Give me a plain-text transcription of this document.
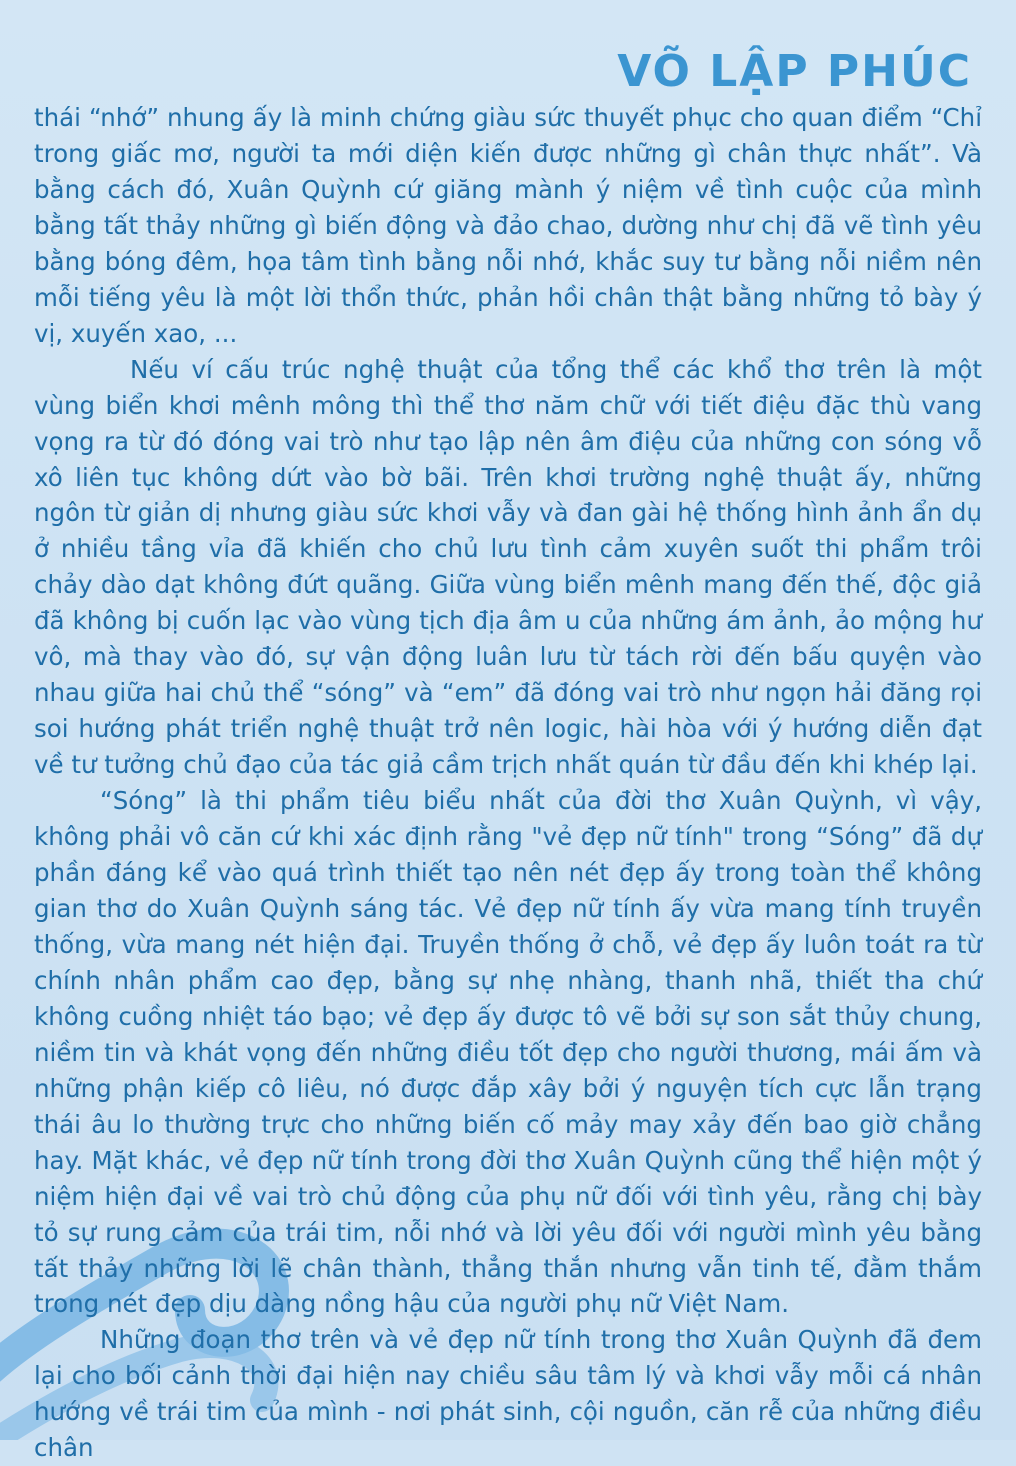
VÕ LẬP PHÚC

thái “nhớ” nhung ấy là minh chứng giàu sức thuyết phục cho quan điểm “Chỉ trong giấc mơ, người ta mới diện kiến được những gì chân thực nhất”. Và bằng cách đó, Xuân Quỳnh cứ giăng mành ý niệm về tình cuộc của mình bằng tất thảy những gì biến động và đảo chao, dường như chị đã vẽ tình yêu bằng bóng đêm, họa tâm tình bằng nỗi nhớ, khắc suy tư bằng nỗi niềm nên mỗi tiếng yêu là một lời thổn thức, phản hồi chân thật bằng những tỏ bày ý vị, xuyến xao, ...

Nếu ví cấu trúc nghệ thuật của tổng thể các khổ thơ trên là một vùng biển khơi mênh mông thì thể thơ năm chữ với tiết điệu đặc thù vang vọng ra từ đó đóng vai trò như tạo lập nên âm điệu của những con sóng vỗ xô liên tục không dứt vào bờ bãi. Trên khơi trường nghệ thuật ấy, những ngôn từ giản dị nhưng giàu sức khơi vẫy và đan gài hệ thống hình ảnh ẩn dụ ở nhiều tầng vỉa đã khiến cho chủ lưu tình cảm xuyên suốt thi phẩm trôi chảy dào dạt không đứt quãng. Giữa vùng biển mênh mang đến thế, độc giả đã không bị cuốn lạc vào vùng tịch địa âm u của những ám ảnh, ảo mộng hư vô, mà thay vào đó, sự vận động luân lưu từ tách rời đến bấu quyện vào nhau giữa hai chủ thể “sóng” và “em” đã đóng vai trò như ngọn hải đăng rọi soi hướng phát triển nghệ thuật trở nên logic, hài hòa với ý hướng diễn đạt về tư tưởng chủ đạo của tác giả cầm trịch nhất quán từ đầu đến khi khép lại.

“Sóng” là thi phẩm tiêu biểu nhất của đời thơ Xuân Quỳnh, vì vậy, không phải vô căn cứ khi xác định rằng "vẻ đẹp nữ tính" trong “Sóng” đã dự phần đáng kể vào quá trình thiết tạo nên nét đẹp ấy trong toàn thể không gian thơ do Xuân Quỳnh sáng tác. Vẻ đẹp nữ tính ấy vừa mang tính truyền thống, vừa mang nét hiện đại. Truyền thống ở chỗ, vẻ đẹp ấy luôn toát ra từ chính nhân phẩm cao đẹp, bằng sự nhẹ nhàng, thanh nhã, thiết tha chứ không cuồng nhiệt táo bạo; vẻ đẹp ấy được tô vẽ bởi sự son sắt thủy chung, niềm tin và khát vọng đến những điều tốt đẹp cho người thương, mái ấm và những phận kiếp cô liêu, nó được đắp xây bởi ý nguyện tích cực lẫn trạng thái âu lo thường trực cho những biến cố mảy may xảy đến bao giờ chẳng hay. Mặt khác, vẻ đẹp nữ tính trong đời thơ Xuân Quỳnh cũng thể hiện một ý niệm hiện đại về vai trò chủ động của phụ nữ đối với tình yêu, rằng chị bày tỏ sự rung cảm của trái tim, nỗi nhớ và lời yêu đối với người mình yêu bằng tất thảy những lời lẽ chân thành, thẳng thắn nhưng vẫn tinh tế, đằm thắm trong nét đẹp dịu dàng nồng hậu của người phụ nữ Việt Nam.

Những đoạn thơ trên và vẻ đẹp nữ tính trong thơ Xuân Quỳnh đã đem lại cho bối cảnh thời đại hiện nay chiều sâu tâm lý và khơi vẫy mỗi cá nhân hướng về trái tim của mình - nơi phát sinh, cội nguồn, căn rễ của những điều chân
